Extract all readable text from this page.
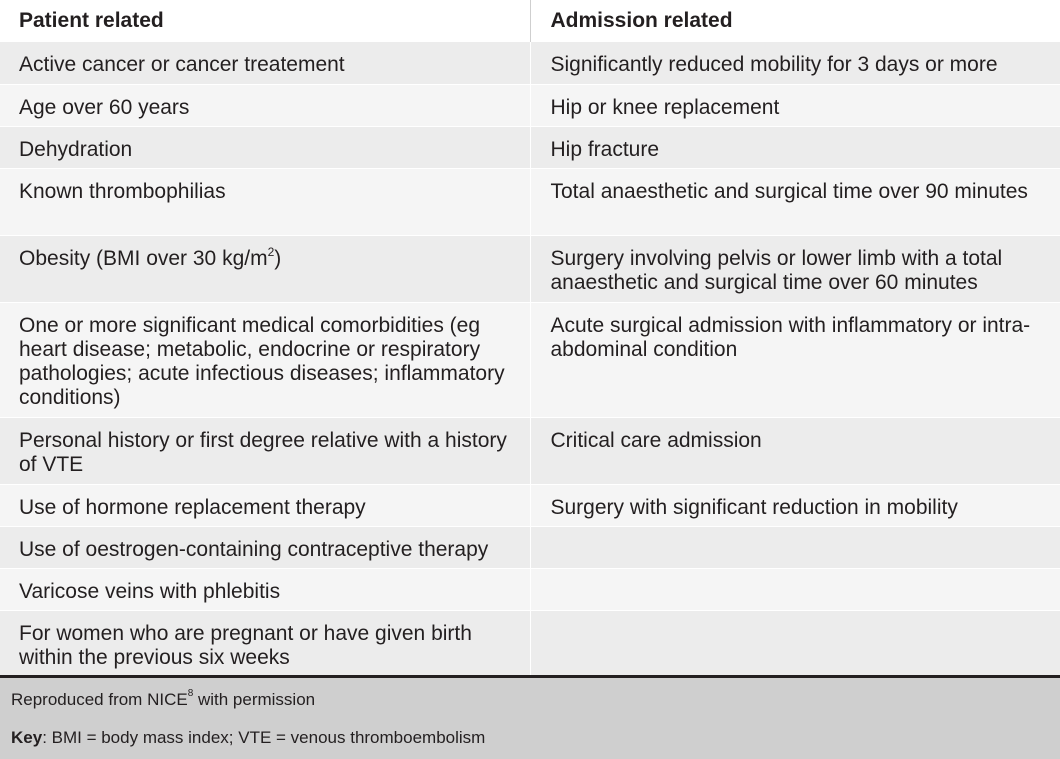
Patient related	Admission related
Active cancer or cancer treatement	Significantly reduced mobility for 3 days or more
Age over 60 years	Hip or knee replacement
Dehydration	Hip fracture
Known thrombophilias	Total anaesthetic and surgical time over 90 minutes
Obesity (BMI over 30 $kg/m^2$)	Surgery involving pelvis or lower limb with a total anaesthetic and surgical time over 60 minutes
One or more significant medical comorbidities (eg heart disease; metabolic, endocrine or respiratory pathologies; acute infectious diseases; inflammatory conditions)	Acute surgical admission with inflammatory or intra-abdominal condition
Personal history or first degree relative with a history of VTE	Critical care admission
Use of hormone replacement therapy	Surgery with significant reduction in mobility
Use of oestrogen-containing contraceptive therapy	
Varicose veins with phlebitis	
For women who are pregnant or have given birth within the previous six weeks	
Reproduced from NICE$^8$ with permission
Key: BMI = body mass index; VTE = venous thromboembolism
